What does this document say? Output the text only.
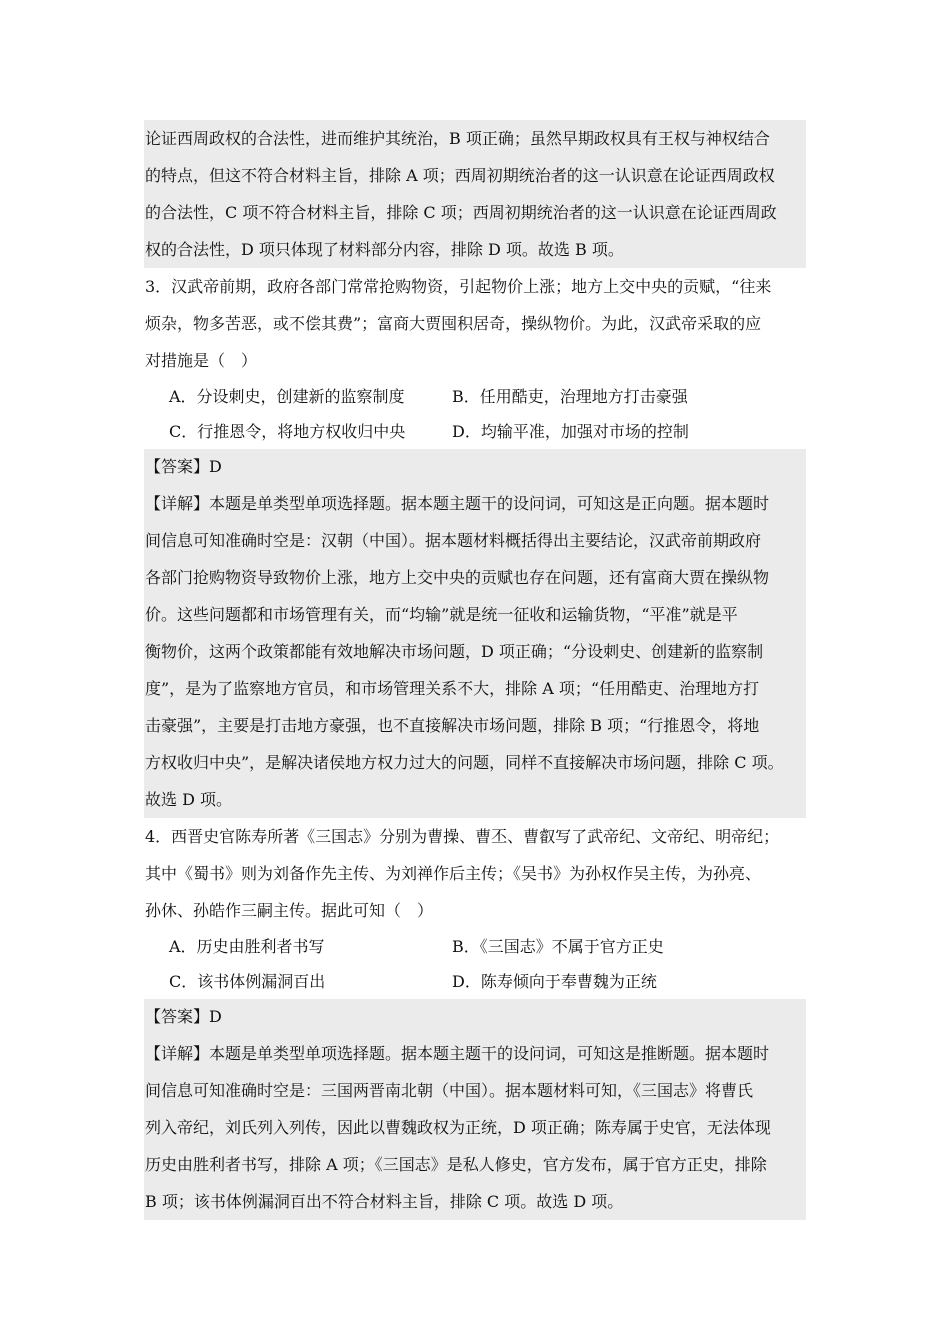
论证西周政权的合法性，进而维护其统治，B 项正确；虽然早期政权具有王权与神权结合
的特点，但这不符合材料主旨，排除 A 项；西周初期统治者的这一认识意在论证西周政权
的合法性，C 项不符合材料主旨，排除 C 项；西周初期统治者的这一认识意在论证西周政
权的合法性，D 项只体现了材料部分内容，排除 D 项。故选 B 项。
3．汉武帝前期，政府各部门常常抢购物资，引起物价上涨；地方上交中央的贡赋，“往来
烦杂，物多苦恶，或不偿其费”；富商大贾囤积居奇，操纵物价。为此，汉武帝采取的应
对措施是（　）
A．分设刺史，创建新的监察制度	B．任用酷吏，治理地方打击豪强
C．行推恩令，将地方权收归中央	D．均输平准，加强对市场的控制
【答案】D
【详解】本题是单类型单项选择题。据本题主题干的设问词，可知这是正向题。据本题时
间信息可知准确时空是：汉朝（中国）。据本题材料概括得出主要结论，汉武帝前期政府
各部门抢购物资导致物价上涨，地方上交中央的贡赋也存在问题，还有富商大贾在操纵物
价。这些问题都和市场管理有关，而“均输”就是统一征收和运输货物，“平准”就是平
衡物价，这两个政策都能有效地解决市场问题，D 项正确；“分设刺史、创建新的监察制
度”，是为了监察地方官员，和市场管理关系不大，排除 A 项；“任用酷吏、治理地方打
击豪强”，主要是打击地方豪强，也不直接解决市场问题，排除 B 项；“行推恩令，将地
方权收归中央”，是解决诸侯地方权力过大的问题，同样不直接解决市场问题，排除 C 项。
故选 D 项。
4．西晋史官陈寿所著《三国志》分别为曹操、曹丕、曹叡写了武帝纪、文帝纪、明帝纪；
其中《蜀书》则为刘备作先主传、为刘禅作后主传；《吴书》为孙权作吴主传，为孙亮、
孙休、孙皓作三嗣主传。据此可知（　）
A．历史由胜利者书写	B．《三国志》不属于官方正史
C．该书体例漏洞百出	D．陈寿倾向于奉曹魏为正统
【答案】D
【详解】本题是单类型单项选择题。据本题主题干的设问词，可知这是推断题。据本题时
间信息可知准确时空是：三国两晋南北朝（中国）。据本题材料可知，《三国志》将曹氏
列入帝纪，刘氏列入列传，因此以曹魏政权为正统，D 项正确；陈寿属于史官，无法体现
历史由胜利者书写，排除 A 项；《三国志》是私人修史，官方发布，属于官方正史，排除
B 项；该书体例漏洞百出不符合材料主旨，排除 C 项。故选 D 项。
